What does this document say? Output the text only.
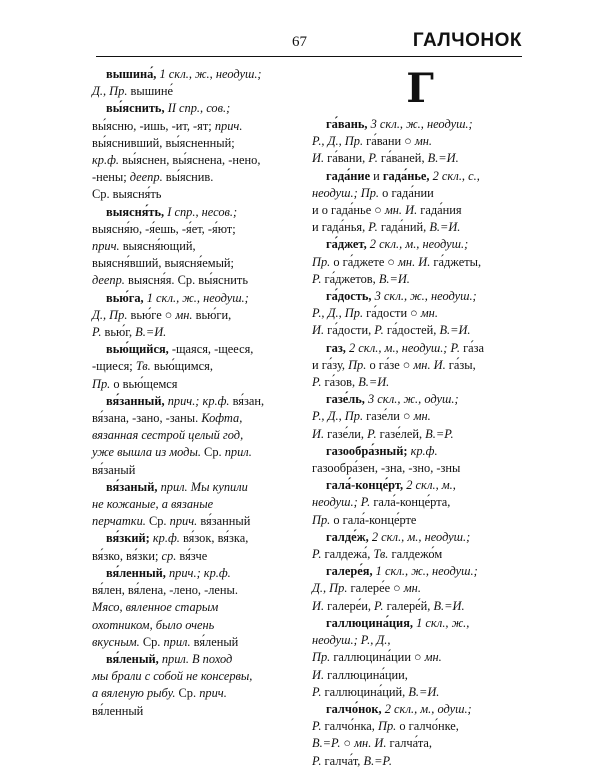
67	ГАЛЧОНОК
вышина́, 1 скл., ж., неодуш.;
Д., Пр. вышине́
вы́яснить, II спр., сов.;
вы́ясню, -ишь, -ит, -ят; прич.
вы́яснивший, вы́ясненный;
кр.ф. вы́яснен, вы́яснена, -нено,
-нены; деепр. вы́яснив.
Ср. выясня́ть
выясня́ть, I спр., несов.;
выясня́ю, -я́ешь, -я́ет, -я́ют;
прич. выясня́ющий,
выясня́вший, выясня́емый;
деепр. выясня́я. Ср. вы́яснить
вью́га, 1 скл., ж., неодуш.;
Д., Пр. вью́ге ○ мн. вью́ги,
Р. вью́г, В.=И.
вью́щийся, -щаяся, -щееся,
-щиеся; Тв. вью́щимся,
Пр. о вью́щемся
вя́занный, прич.; кр.ф. вя́зан,
вя́зана, -зано, -заны. Кофта,
вязанная сестрой целый год,
уже вышла из моды. Ср. прил.
вя́заный
вя́заный, прил. Мы купили
не кожаные, а вязаные
перчатки. Ср. прич. вя́занный
вя́зкий; кр.ф. вя́зок, вя́зка,
вя́зко, вя́зки; ср. вя́зче
вя́ленный, прич.; кр.ф.
вя́лен, вя́лена, -лено, -лены.
Мясо, вяленное старым
охотником, было очень
вкусным. Ср. прил. вя́леный
вя́леный, прил. В поход
мы брали с собой не консервы,
а вяленую рыбу. Ср. прич.
вя́ленный
Г
га́вань, 3 скл., ж., неодуш.;
Р., Д., Пр. га́вани ○ мн.
И. га́вани, Р. га́ваней, В.=И.
гада́ние и гада́нье, 2 скл., с.,
неодуш.; Пр. о гада́нии
и о гада́нье ○ мн. И. гада́ния
и гада́нья, Р. гада́ний, В.=И.
га́джет, 2 скл., м., неодуш.;
Пр. о га́джете ○ мн. И. га́джеты,
Р. га́джетов, В.=И.
га́дость, 3 скл., ж., неодуш.;
Р., Д., Пр. га́дости ○ мн.
И. га́дости, Р. га́достей, В.=И.
газ, 2 скл., м., неодуш.; Р. га́за
и га́зу, Пр. о га́зе ○ мн. И. га́зы,
Р. га́зов, В.=И.
газе́ль, 3 скл., ж., одуш.;
Р., Д., Пр. газе́ли ○ мн.
И. газе́ли, Р. газе́лей, В.=Р.
газообра́зный; кр.ф.
газообра́зен, -зна, -зно, -зны
гала́-конце́рт, 2 скл., м.,
неодуш.; Р. гала́-конце́рта,
Пр. о гала́-конце́рте
галде́ж, 2 скл., м., неодуш.;
Р. галдежа́, Тв. галдежо́м
галере́я, 1 скл., ж., неодуш.;
Д., Пр. галере́е ○ мн.
И. галере́и, Р. галере́й, В.=И.
галлюцина́ция, 1 скл., ж.,
неодуш.; Р., Д.,
Пр. галлюцина́ции ○ мн.
И. галлюцина́ции,
Р. галлюцина́ций, В.=И.
галчо́нок, 2 скл., м., одуш.;
Р. галчо́нка, Пр. о галчо́нке,
В.=Р. ○ мн. И. галча́та,
Р. галча́т, В.=Р.
